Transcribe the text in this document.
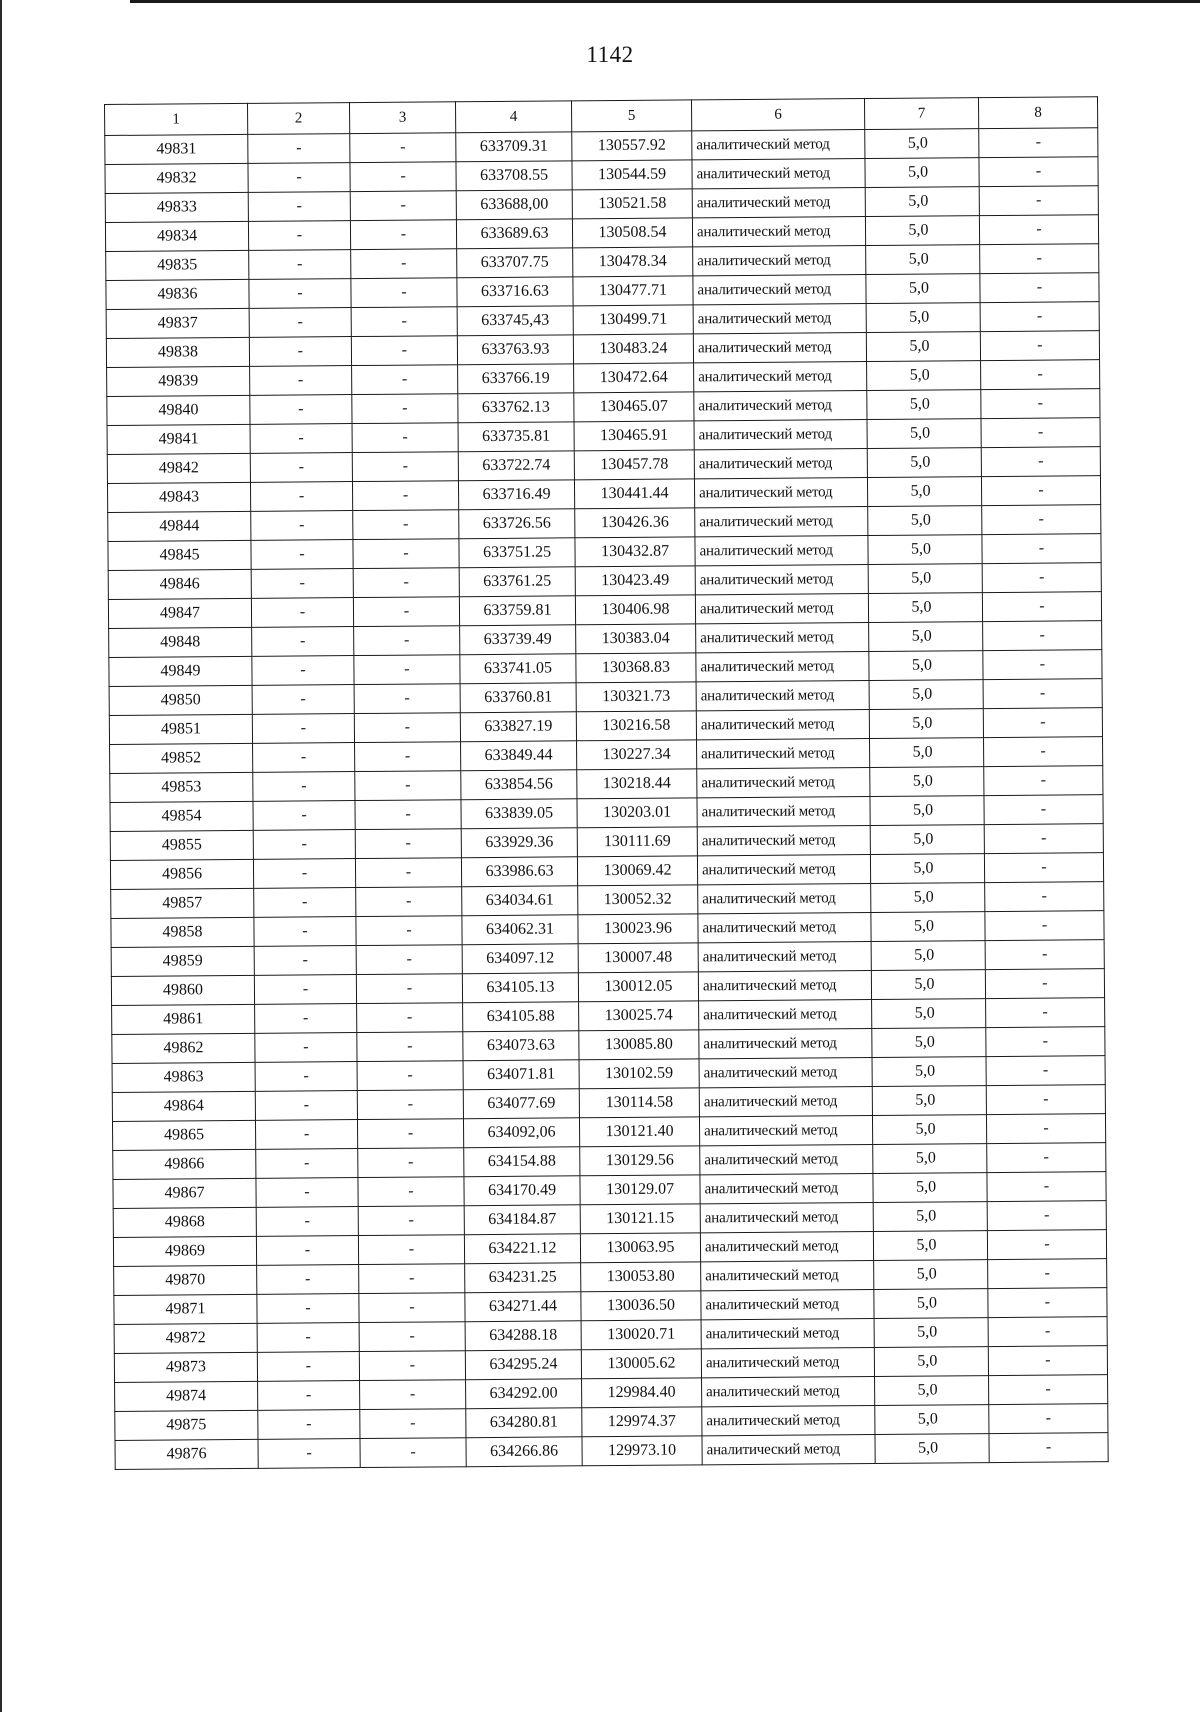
1142
1	2	3	4	5	6	7	8
49831	-	-	633709.31	130557.92	аналитический метод	5,0	-
49832	-	-	633708.55	130544.59	аналитический метод	5,0	-
49833	-	-	633688,00	130521.58	аналитический метод	5,0	-
49834	-	-	633689.63	130508.54	аналитический метод	5,0	-
49835	-	-	633707.75	130478.34	аналитический метод	5,0	-
49836	-	-	633716.63	130477.71	аналитический метод	5,0	-
49837	-	-	633745,43	130499.71	аналитический метод	5,0	-
49838	-	-	633763.93	130483.24	аналитический метод	5,0	-
49839	-	-	633766.19	130472.64	аналитический метод	5,0	-
49840	-	-	633762.13	130465.07	аналитический метод	5,0	-
49841	-	-	633735.81	130465.91	аналитический метод	5,0	-
49842	-	-	633722.74	130457.78	аналитический метод	5,0	-
49843	-	-	633716.49	130441.44	аналитический метод	5,0	-
49844	-	-	633726.56	130426.36	аналитический метод	5,0	-
49845	-	-	633751.25	130432.87	аналитический метод	5,0	-
49846	-	-	633761.25	130423.49	аналитический метод	5,0	-
49847	-	-	633759.81	130406.98	аналитический метод	5,0	-
49848	-	-	633739.49	130383.04	аналитический метод	5,0	-
49849	-	-	633741.05	130368.83	аналитический метод	5,0	-
49850	-	-	633760.81	130321.73	аналитический метод	5,0	-
49851	-	-	633827.19	130216.58	аналитический метод	5,0	-
49852	-	-	633849.44	130227.34	аналитический метод	5,0	-
49853	-	-	633854.56	130218.44	аналитический метод	5,0	-
49854	-	-	633839.05	130203.01	аналитический метод	5,0	-
49855	-	-	633929.36	130111.69	аналитический метод	5,0	-
49856	-	-	633986.63	130069.42	аналитический метод	5,0	-
49857	-	-	634034.61	130052.32	аналитический метод	5,0	-
49858	-	-	634062.31	130023.96	аналитический метод	5,0	-
49859	-	-	634097.12	130007.48	аналитический метод	5,0	-
49860	-	-	634105.13	130012.05	аналитический метод	5,0	-
49861	-	-	634105.88	130025.74	аналитический метод	5,0	-
49862	-	-	634073.63	130085.80	аналитический метод	5,0	-
49863	-	-	634071.81	130102.59	аналитический метод	5,0	-
49864	-	-	634077.69	130114.58	аналитический метод	5,0	-
49865	-	-	634092,06	130121.40	аналитический метод	5,0	-
49866	-	-	634154.88	130129.56	аналитический метод	5,0	-
49867	-	-	634170.49	130129.07	аналитический метод	5,0	-
49868	-	-	634184.87	130121.15	аналитический метод	5,0	-
49869	-	-	634221.12	130063.95	аналитический метод	5,0	-
49870	-	-	634231.25	130053.80	аналитический метод	5,0	-
49871	-	-	634271.44	130036.50	аналитический метод	5,0	-
49872	-	-	634288.18	130020.71	аналитический метод	5,0	-
49873	-	-	634295.24	130005.62	аналитический метод	5,0	-
49874	-	-	634292.00	129984.40	аналитический метод	5,0	-
49875	-	-	634280.81	129974.37	аналитический метод	5,0	-
49876	-	-	634266.86	129973.10	аналитический метод	5,0	-
